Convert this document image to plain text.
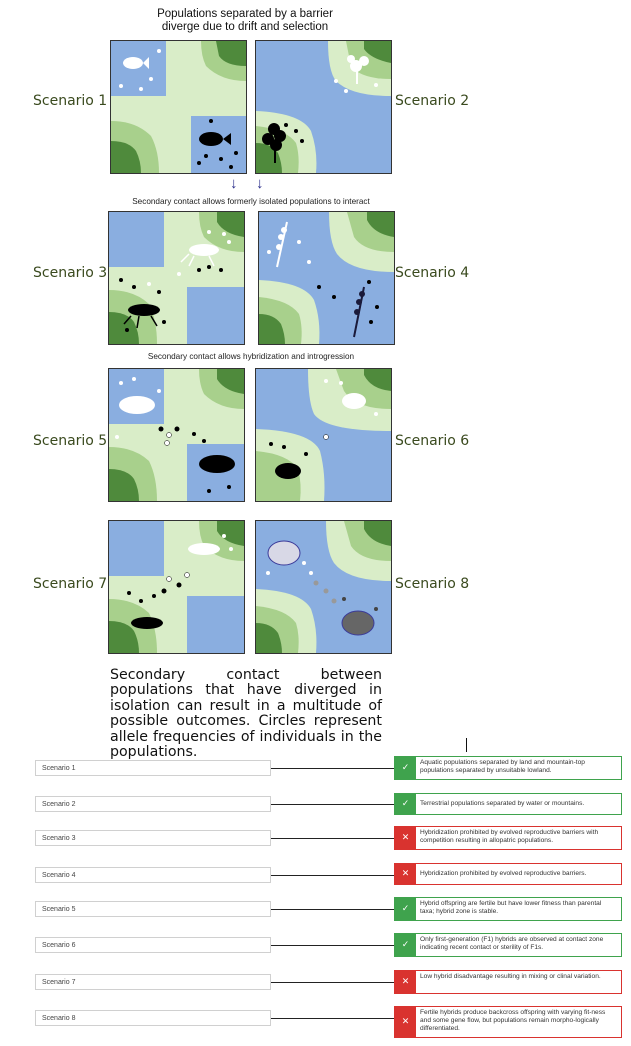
Populations separated by a barrier
diverge due to drift and selection
Scenario 1	Scenario 2
Scenario 3	Scenario 4
Scenario 5	Scenario 6
Scenario 7	Scenario 8
↓ ↓
Secondary contact allows formerly isolated populations to interact
Secondary contact allows hybridization and introgression
Secondary contact between populations that have diverged in isolation can result in a multitude of possible outcomes. Circles represent allele frequencies of individuals in the populations.
Scenario 1	✓
Aquatic populations separated by land and mountain-top populations separated by unsuitable lowland.
Scenario 2	✓	Terrestrial populations separated by water or mountains.
Scenario 3	✕
Hybridization prohibited by evolved reproductive barriers with competition resulting in allopatric populations.
Scenario 4	✕	Hybridization prohibited by evolved reproductive barriers.
Scenario 5	✓
Hybrid offspring are fertile but have lower fitness than parental taxa; hybrid zone is stable.
Scenario 6	✓
Only first-generation (F1) hybrids are observed at contact zone indicating recent contact or sterility of F1s.
Scenario 7	✕
Low hybrid disadvantage resulting in mixing or clinal variation.
Scenario 8	✕
Fertile hybrids produce backcross offspring with varying fit-ness and some gene flow, but populations remain morpho-logically differentiated.
